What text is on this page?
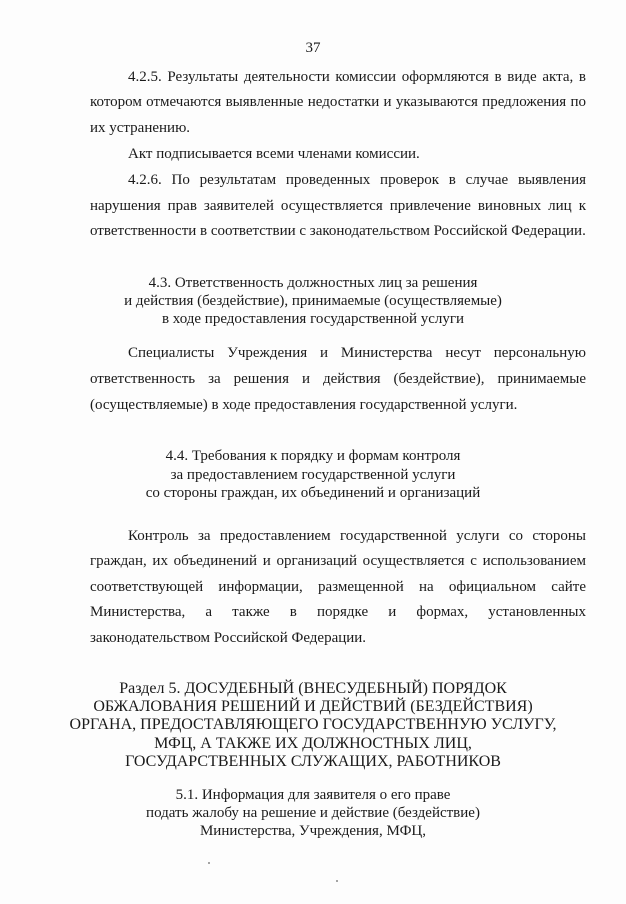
37
4.2.5. Результаты деятельности комиссии оформляются в виде акта, в
котором отмечаются выявленные недостатки и указываются предложения по
их устранению.
Акт подписывается всеми членами комиссии.
4.2.6. По результатам проведенных проверок в случае выявления
нарушения прав заявителей осуществляется привлечение виновных лиц к
ответственности в соответствии с законодательством Российской Федерации.
4.3. Ответственность должностных лиц за решения
и действия (бездействие), принимаемые (осуществляемые)
в ходе предоставления государственной услуги
Специалисты Учреждения и Министерства несут персональную
ответственность за решения и действия (бездействие), принимаемые
(осуществляемые) в ходе предоставления государственной услуги.
4.4. Требования к порядку и формам контроля
за предоставлением государственной услуги
со стороны граждан, их объединений и организаций
Контроль за предоставлением государственной услуги со стороны
граждан, их объединений и организаций осуществляется с использованием
соответствующей информации, размещенной на официальном сайте
Министерства, а также в порядке и формах, установленных
законодательством Российской Федерации.
Раздел 5. ДОСУДЕБНЫЙ (ВНЕСУДЕБНЫЙ) ПОРЯДОК
ОБЖАЛОВАНИЯ РЕШЕНИЙ И ДЕЙСТВИЙ (БЕЗДЕЙСТВИЯ)
ОРГАНА, ПРЕДОСТАВЛЯЮЩЕГО ГОСУДАРСТВЕННУЮ УСЛУГУ,
МФЦ, А ТАКЖЕ ИХ ДОЛЖНОСТНЫХ ЛИЦ,
ГОСУДАРСТВЕННЫХ СЛУЖАЩИХ, РАБОТНИКОВ
5.1. Информация для заявителя о его праве
подать жалобу на решение и действие (бездействие)
Министерства, Учреждения, МФЦ,
